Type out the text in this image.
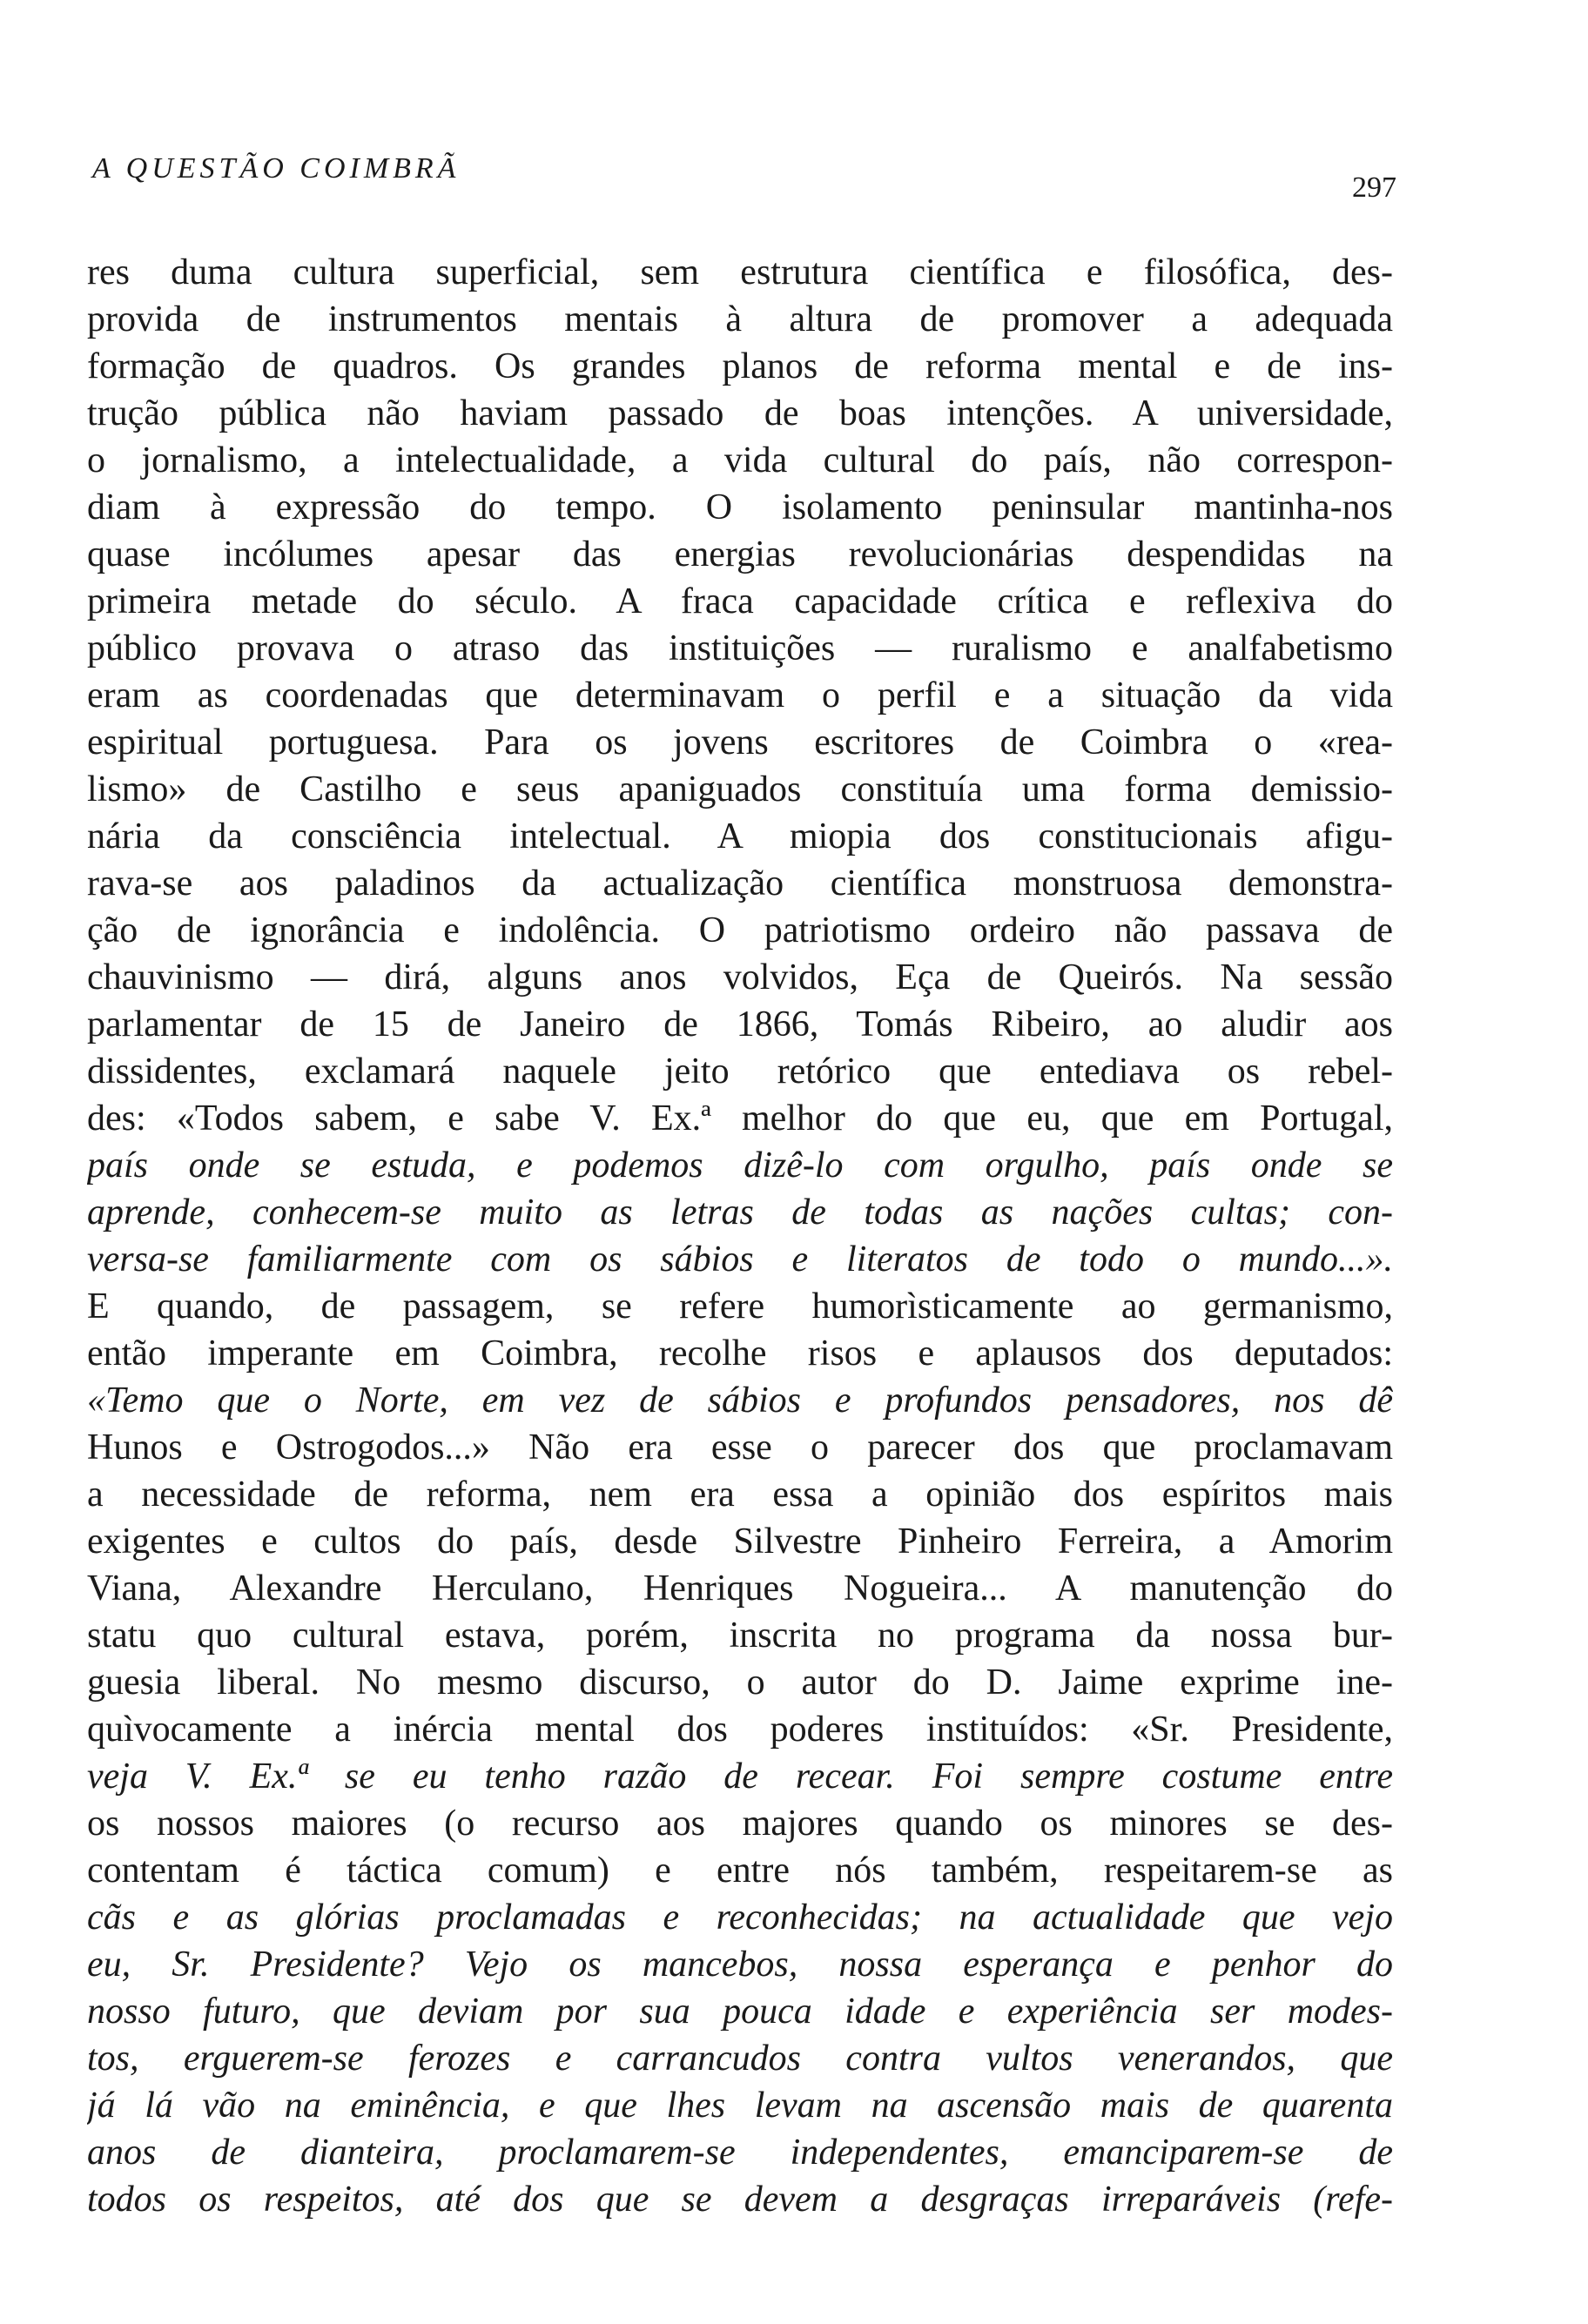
A QUESTÃO COIMBRÃ
297
res duma cultura superficial, sem estrutura científica e filosófica, des-
provida de instrumentos mentais à altura de promover a adequada
formação de quadros. Os grandes planos de reforma mental e de ins-
trução pública não haviam passado de boas intenções. A universidade,
o jornalismo, a intelectualidade, a vida cultural do país, não correspon-
diam à expressão do tempo. O isolamento peninsular mantinha-nos
quase incólumes apesar das energias revolucionárias despendidas na
primeira metade do século. A fraca capacidade crítica e reflexiva do
público provava o atraso das instituições — ruralismo e analfabetismo
eram as coordenadas que determinavam o perfil e a situação da vida
espiritual portuguesa. Para os jovens escritores de Coimbra o «rea-
lismo» de Castilho e seus apaniguados constituía uma forma demissio-
nária da consciência intelectual. A miopia dos constitucionais afigu-
rava-se aos paladinos da actualização científica monstruosa demonstra-
ção de ignorância e indolência. O patriotismo ordeiro não passava de
chauvinismo — dirá, alguns anos volvidos, Eça de Queirós. Na sessão
parlamentar de 15 de Janeiro de 1866, Tomás Ribeiro, ao aludir aos
dissidentes, exclamará naquele jeito retórico que entediava os rebel-
des: «Todos sabem, e sabe V. Ex.ª melhor do que eu, que em Portugal,
país onde se estuda, e podemos dizê-lo com orgulho, país onde se
aprende, conhecem-se muito as letras de todas as nações cultas; con-
versa-se familiarmente com os sábios e literatos de todo o mundo...».
E quando, de passagem, se refere humorìsticamente ao germanismo,
então imperante em Coimbra, recolhe risos e aplausos dos deputados:
«Temo que o Norte, em vez de sábios e profundos pensadores, nos dê
Hunos e Ostrogodos...» Não era esse o parecer dos que proclamavam
a necessidade de reforma, nem era essa a opinião dos espíritos mais
exigentes e cultos do país, desde Silvestre Pinheiro Ferreira, a Amorim
Viana, Alexandre Herculano, Henriques Nogueira... A manutenção do
statu quo cultural estava, porém, inscrita no programa da nossa bur-
guesia liberal. No mesmo discurso, o autor do D. Jaime exprime ine-
quìvocamente a inércia mental dos poderes instituídos: «Sr. Presidente,
veja V. Ex.ª se eu tenho razão de recear. Foi sempre costume entre
os nossos maiores (o recurso aos majores quando os minores se des-
contentam é táctica comum) e entre nós também, respeitarem-se as
cãs e as glórias proclamadas e reconhecidas; na actualidade que vejo
eu, Sr. Presidente? Vejo os mancebos, nossa esperança e penhor do
nosso futuro, que deviam por sua pouca idade e experiência ser modes-
tos, erguerem-se ferozes e carrancudos contra vultos venerandos, que
já lá vão na eminência, e que lhes levam na ascensão mais de quarenta
anos de dianteira, proclamarem-se independentes, emanciparem-se de
todos os respeitos, até dos que se devem a desgraças irreparáveis (refe-
